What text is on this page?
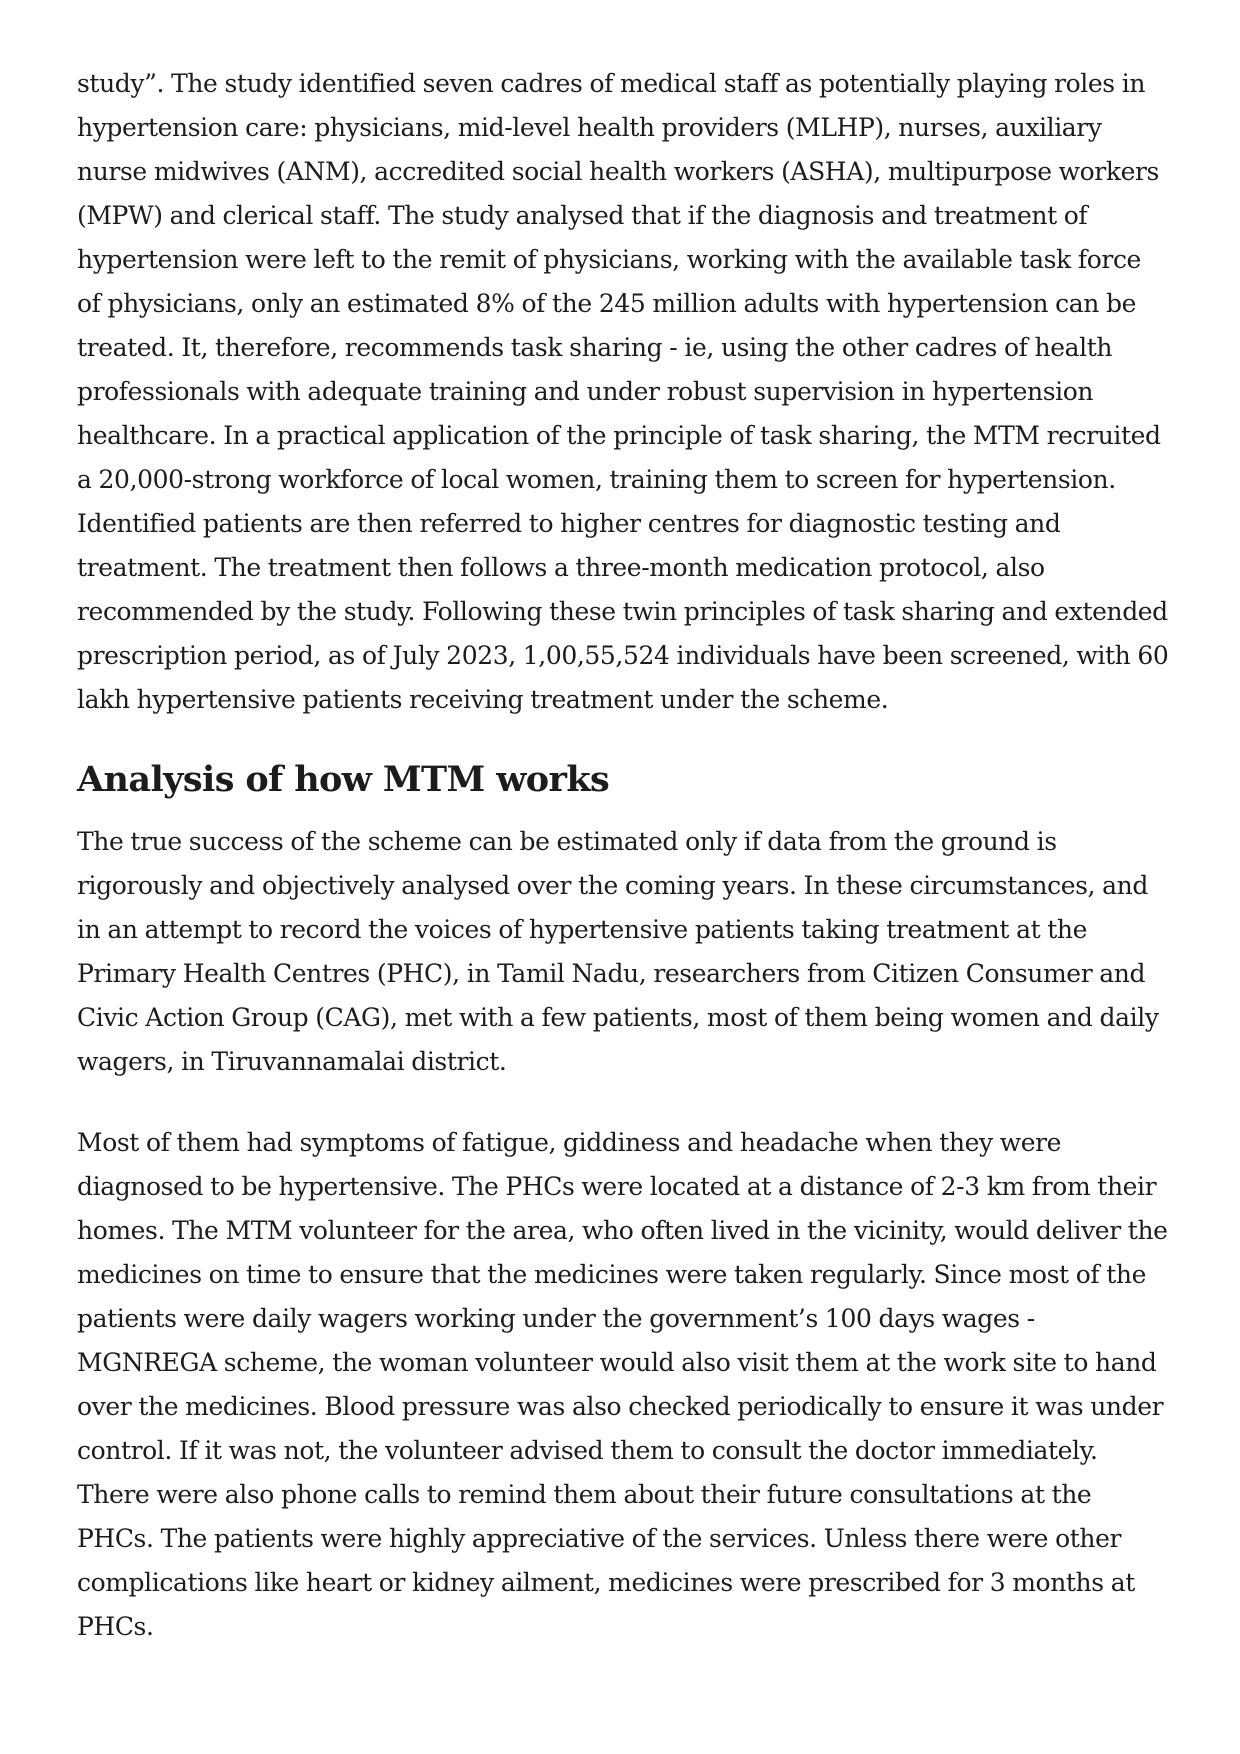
study”. The study identified seven cadres of medical staff as potentially playing roles in hypertension care: physicians, mid-level health providers (MLHP), nurses, auxiliary nurse midwives (ANM), accredited social health workers (ASHA), multipurpose workers (MPW) and clerical staff. The study analysed that if the diagnosis and treatment of hypertension were left to the remit of physicians, working with the available task force of physicians, only an estimated 8% of the 245 million adults with hypertension can be treated. It, therefore, recommends task sharing - ie, using the other cadres of health professionals with adequate training and under robust supervision in hypertension healthcare. In a practical application of the principle of task sharing, the MTM recruited a 20,000-strong workforce of local women, training them to screen for hypertension. Identified patients are then referred to higher centres for diagnostic testing and treatment. The treatment then follows a three-month medication protocol, also recommended by the study. Following these twin principles of task sharing and extended prescription period, as of July 2023, 1,00,55,524 individuals have been screened, with 60 lakh hypertensive patients receiving treatment under the scheme.

Analysis of how MTM works

The true success of the scheme can be estimated only if data from the ground is rigorously and objectively analysed over the coming years. In these circumstances, and in an attempt to record the voices of hypertensive patients taking treatment at the Primary Health Centres (PHC), in Tamil Nadu, researchers from Citizen Consumer and Civic Action Group (CAG), met with a few patients, most of them being women and daily wagers, in Tiruvannamalai district.

Most of them had symptoms of fatigue, giddiness and headache when they were diagnosed to be hypertensive. The PHCs were located at a distance of 2-3 km from their homes. The MTM volunteer for the area, who often lived in the vicinity, would deliver the medicines on time to ensure that the medicines were taken regularly. Since most of the patients were daily wagers working under the government’s 100 days wages - MGNREGA scheme, the woman volunteer would also visit them at the work site to hand over the medicines. Blood pressure was also checked periodically to ensure it was under control. If it was not, the volunteer advised them to consult the doctor immediately. There were also phone calls to remind them about their future consultations at the PHCs. The patients were highly appreciative of the services. Unless there were other complications like heart or kidney ailment, medicines were prescribed for 3 months at PHCs.
